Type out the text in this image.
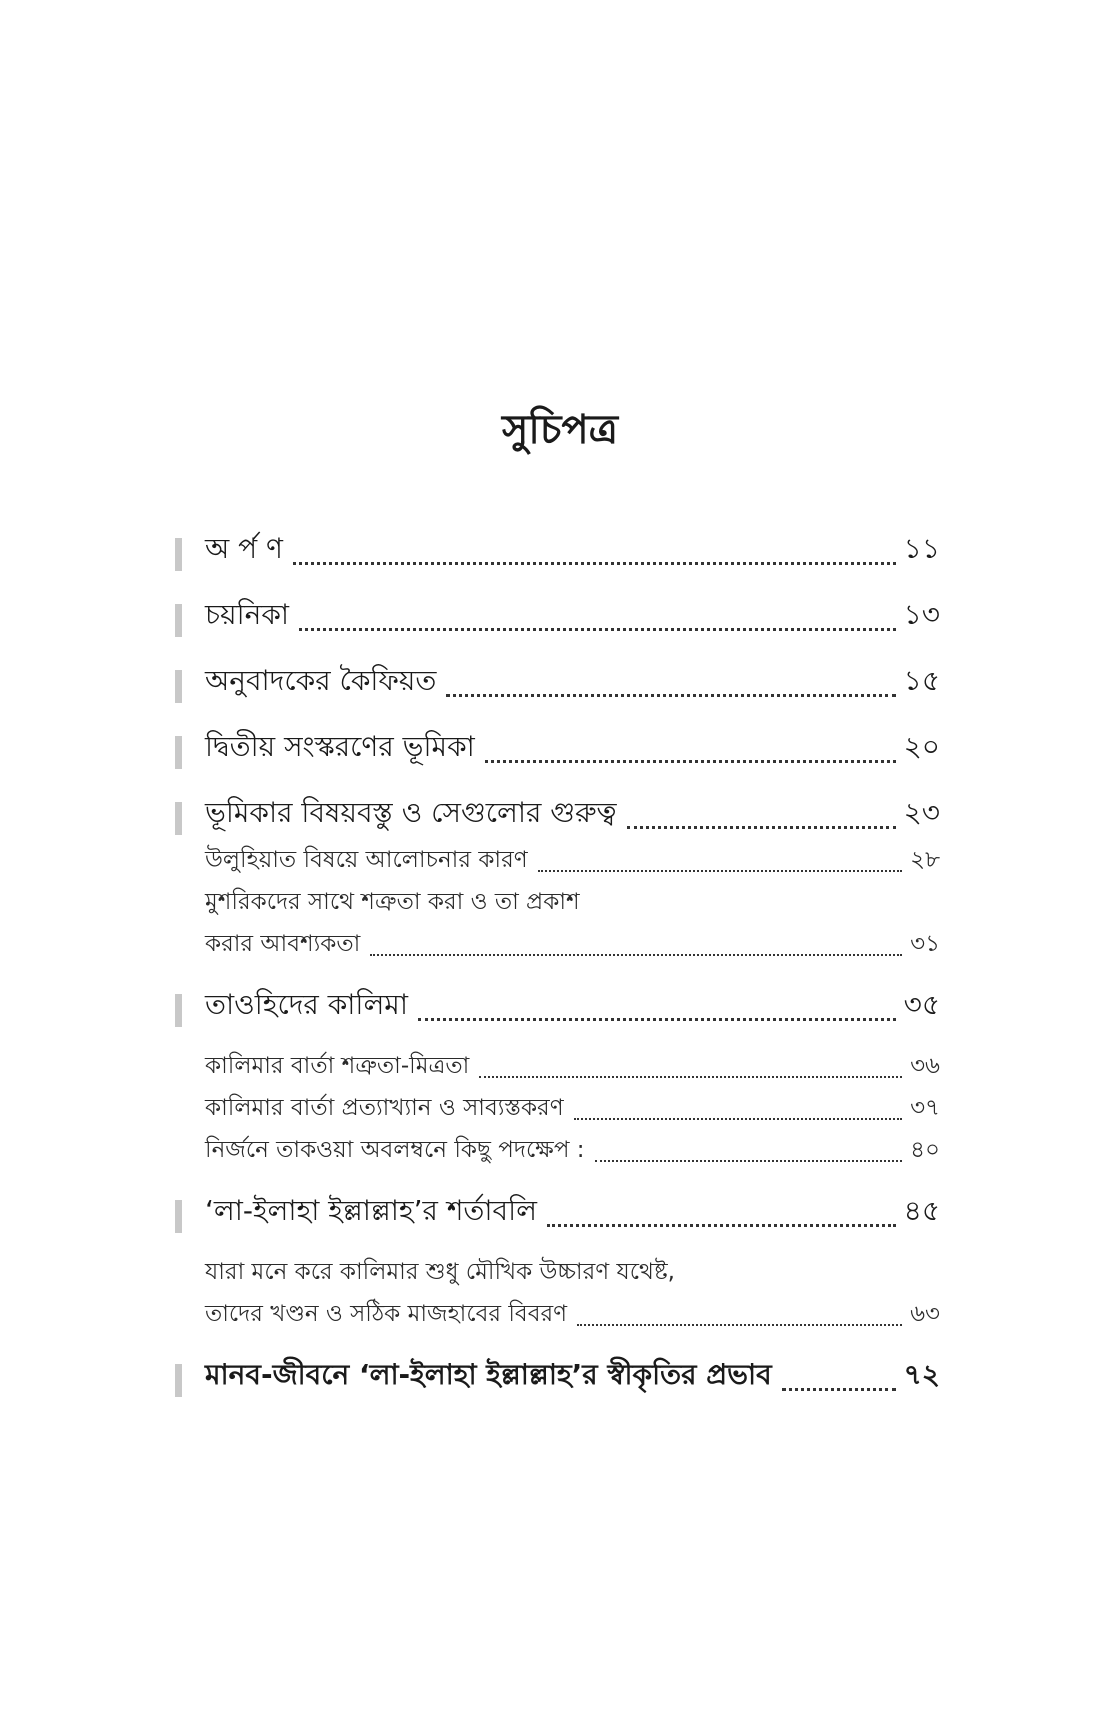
সুচিপত্র
অ র্প ণ	১১
চয়নিকা	১৩
অনুবাদকের কৈফিয়ত	১৫
দ্বিতীয় সংস্করণের ভূমিকা	২০
ভূমিকার বিষয়বস্তু ও সেগুলোর গুরুত্ব	২৩
উলুহিয়াত বিষয়ে আলোচনার কারণ	২৮
মুশরিকদের সাথে শত্রুতা করা ও তা প্রকাশ
করার আবশ্যকতা	৩১
তাওহিদের কালিমা	৩৫
কালিমার বার্তা শত্রুতা-মিত্রতা	৩৬
কালিমার বার্তা প্রত্যাখ্যান ও সাব্যস্তকরণ	৩৭
নির্জনে তাকওয়া অবলম্বনে কিছু পদক্ষেপ :	৪০
‘লা-ইলাহা ইল্লাল্লাহ’র শর্তাবলি	৪৫
যারা মনে করে কালিমার শুধু মৌখিক উচ্চারণ যথেষ্ট,
তাদের খণ্ডন ও সঠিক মাজহাবের বিবরণ	৬৩
মানব-জীবনে ‘লা-ইলাহা ইল্লাল্লাহ’র স্বীকৃতির প্রভাব	৭২
